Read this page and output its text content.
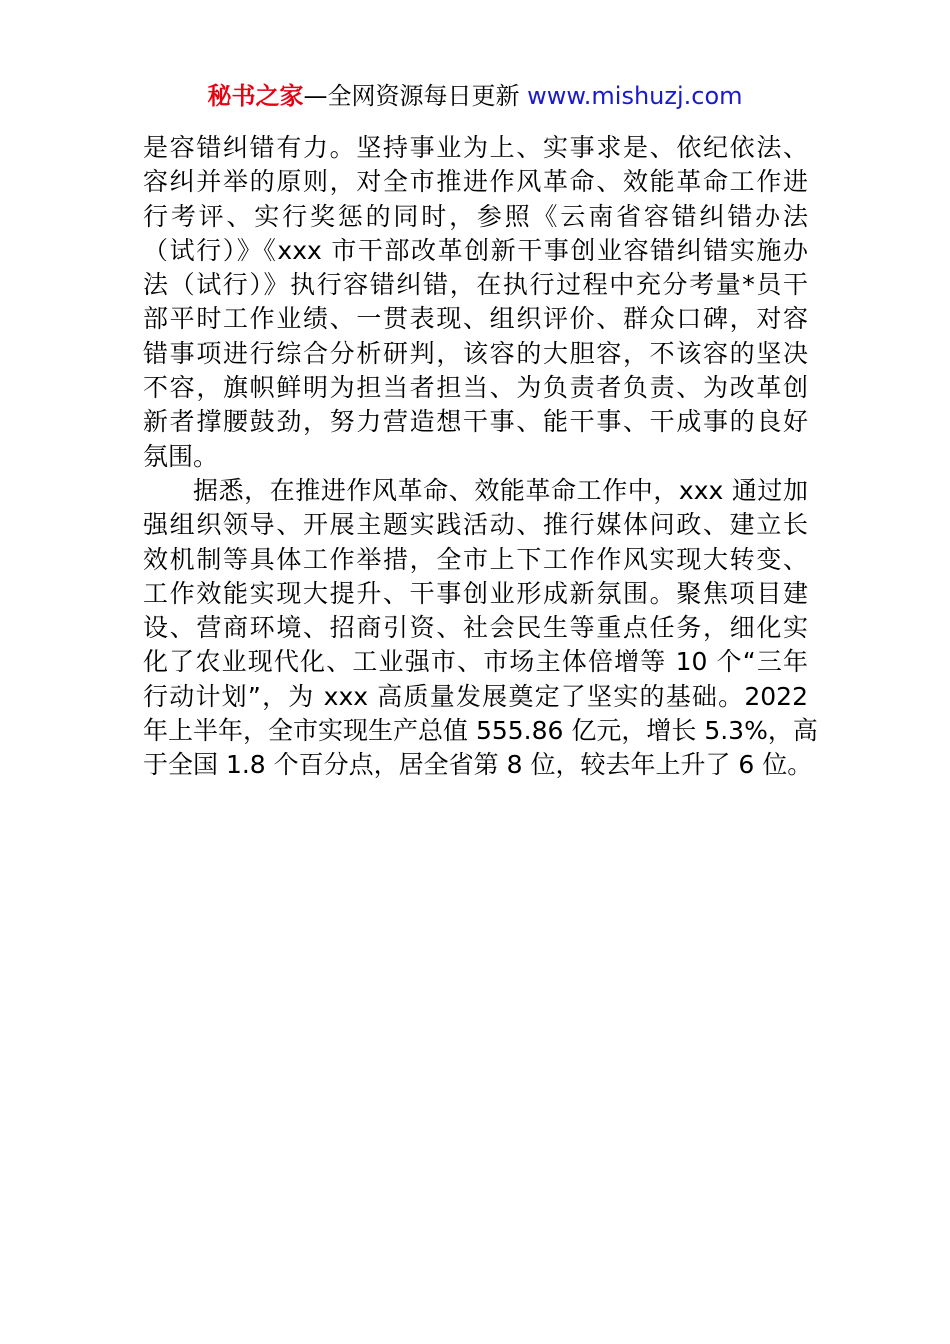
秘书之家—全网资源每日更新 www.mishuzj.com
是容错纠错有力。坚持事业为上、实事求是、依纪依法、
容纠并举的原则，对全市推进作风革命、效能革命工作进
行考评、实行奖惩的同时，参照《云南省容错纠错办法
（试行）》《xxx 市干部改革创新干事创业容错纠错实施办
法（试行）》执行容错纠错，在执行过程中充分考量*员干
部平时工作业绩、一贯表现、组织评价、群众口碑，对容
错事项进行综合分析研判，该容的大胆容，不该容的坚决
不容，旗帜鲜明为担当者担当、为负责者负责、为改革创
新者撑腰鼓劲，努力营造想干事、能干事、干成事的良好
氛围。
据悉，在推进作风革命、效能革命工作中，xxx 通过加
强组织领导、开展主题实践活动、推行媒体问政、建立长
效机制等具体工作举措，全市上下工作作风实现大转变、
工作效能实现大提升、干事创业形成新氛围。聚焦项目建
设、营商环境、招商引资、社会民生等重点任务，细化实
化了农业现代化、工业强市、市场主体倍增等 10 个“三年
行动计划”，为 xxx 高质量发展奠定了坚实的基础。2022
年上半年，全市实现生产总值 555.86 亿元，增长 5.3%，高
于全国 1.8 个百分点，居全省第 8 位，较去年上升了 6 位。
